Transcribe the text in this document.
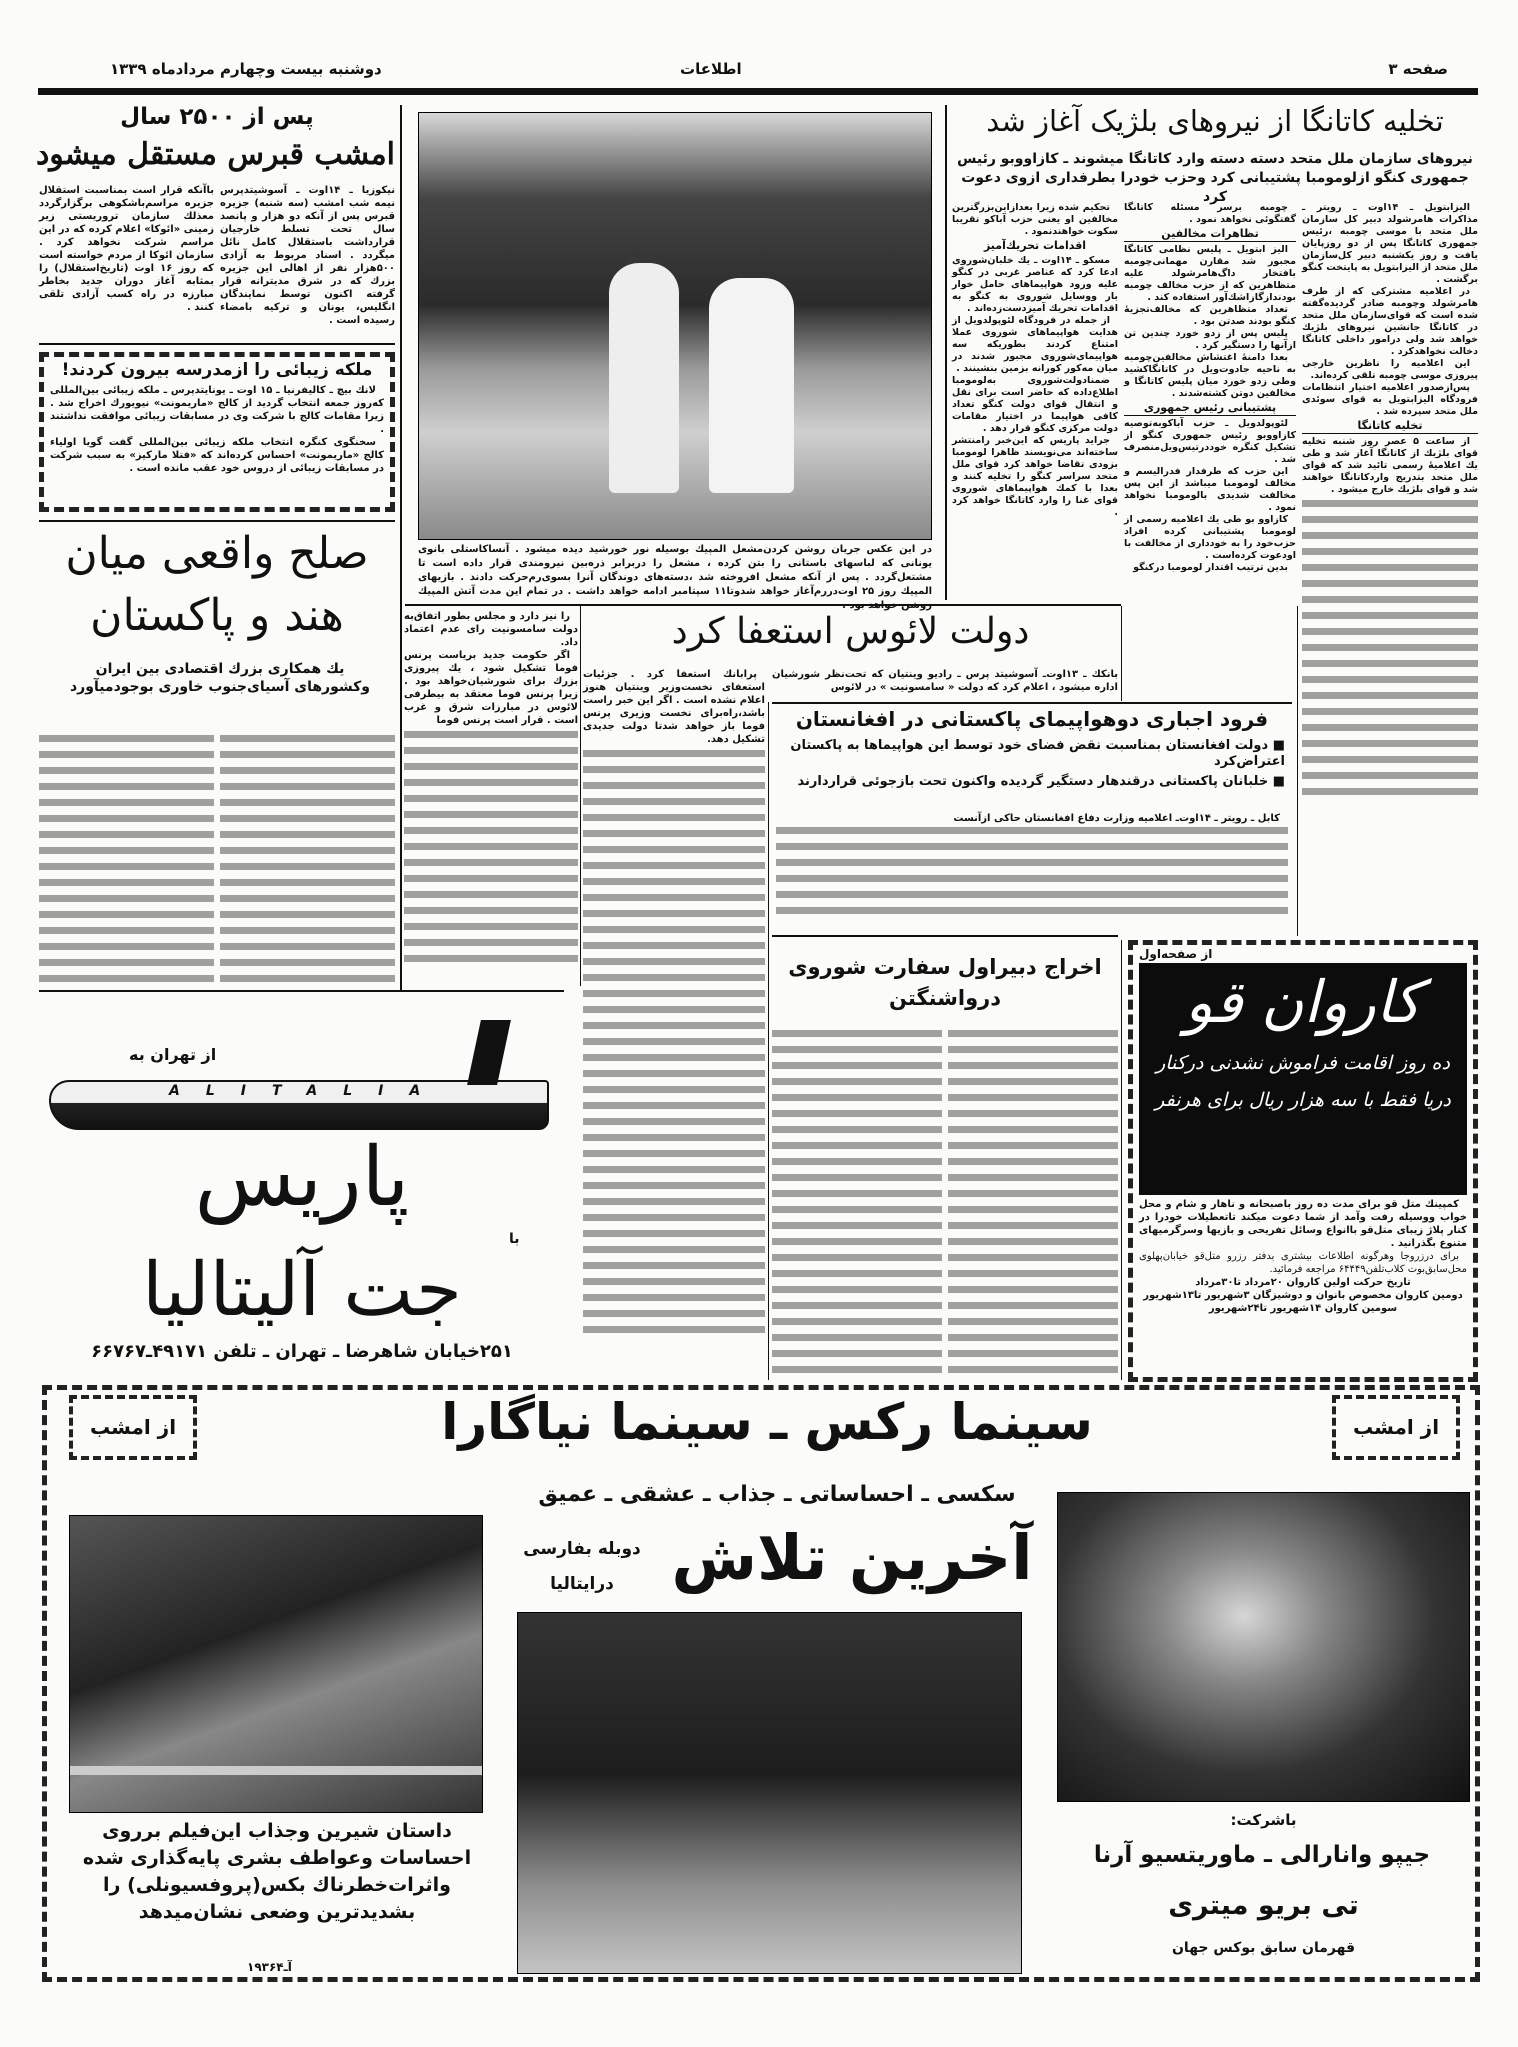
صفحه ۳
اطلاعات
دوشنبه بیست وچهارم مردادماه ۱۳۳۹
پس از ۲۵۰۰ سال
امشب قبرس مستقل میشود
نیکوزیا ـ ۱۴اوت ـ آسوشیتدپرس نیمه شب امشب (سه شنبه) جزیره قبرس پس از آنکه دو هزار و پانصد سال تحت تسلط خارجیان قرارداشت باستقلال کامل نائل میگردد . اسناد مربوط به آزادی ۵۰۰هزار نفر از اهالی این جزیره بزرك که در شرق مدیترانه قرار گرفته اکنون توسط نمایندگان انگلیس، یونان و ترکیه بامضاء رسیده است .
باآنکه قرار است بمناسبت استقلال جزیره مراسم‌باشکوهی برگزارگردد معذلك سازمان تروریستی زیر زمینی «ائوکا» اعلام کرده که در این مراسم شرکت نخواهد کرد . سازمان ائوکا از مردم خواسته است که روز ۱۶ اوت (تاریخ‌استقلال) را بمثابه آغاز دوران جدید بخاطر مبارزه در راه کسب آزادی تلقی کنند .
ملکه زیبائی را ازمدرسه بیرون کردند!

لانك بیچ ـ کالیفرنیا ـ ۱۵ اوت ـ یونایتدپرس ـ ملکه زیبائی بین‌المللی که‌روز جمعه انتخاب گردید از کالج «ماریمونت» نیویورك اخراج شد . زیرا مقامات کالج با شرکت وی در مسابقات زیبائی موافقت نداشتند .

سخنگوی کنگره انتخاب ملکه زیبائی بین‌المللی گفت گویا اولیاء کالج «ماریمونت» احساس کرده‌اند که «فتلا مارکیز» به سبب شرکت در مسابقات زیبائی از دروس خود عقب مانده است .

صلح واقعی میان
هند و پاکستان
یك همکاری بزرك اقتصادی بین ایران وکشورهای آسیای‌جنوب خاوری بوجودمیآورد
در این عکس جریان روشن کردن‌مشعل المپیك بوسیله نور خورشید دیده میشود . آنساکاستلی بانوی یونانی که لباسهای باستانی را بتن کرده ، مشعل را دربرابر ذره‌بین نیرومندی قرار داده است تا مشتعل‌گردد . پس از آنکه مشعل افروخته شد ،دسته‌های دوندگان آنرا بسوی‌رم‌حرکت دادند . بازیهای المپیك روز ۲۵ اوت‌دررم‌آغاز خواهد شدوتا۱۱ سپتامبر ادامه خواهد داشت . در تمام این مدت آتش المپیك
تخلیه کاتانگا از نیروهای بلژیک آغاز شد
نیروهای سازمان ملل متحد دسته دسته وارد کاتانگا میشوند ـ کازاووبو رئیس جمهوری کنگو ازلومومبا پشتیبانی کرد وحزب خودرا بطرفداری ازوی دعوت کرد

الیزابتویل ـ ۱۴اوت ـ رویتر ـ مذاکرات هامرشولد دبیر کل سازمان ملل متحد با موسی چومبه ،رئیس جمهوری کاتانگا پس از دو روزپایان یافت و روز یکشنبه دبیر کل‌سازمان ملل متحد از الیزابتویل به پایتخت کنگو برگشت .

در اعلامیه مشترکی که از طرف هامرشولد وچومبه صادر گردیده‌گفته شده است که قوای‌سازمان ملل متحد در کاتانگا جانشین نیروهای بلژیك خواهد شد ولی درامور داخلی کاتانگا دخالت نخواهدکرد .

این اعلامیه را ناظرین خارجی پیروزی موسی چومبه تلقی کرده‌اند.

پس‌ازصدور اعلامیه اختیار انتظامات فرودگاه الیزابتویل به قوای سوئدی ملل متحد سپرده شد .

تخلیه کاتانگا

از ساعت ۵ عصر روز شنبه تخلیه قوای بلژیك از کاتانگا آغاز شد و طی یك اعلامیهٔ رسمی تائید شد که قوای ملل متحد بتدریج واردکاتانگا خواهند شد و قوای بلژیك خارج میشود .

چومبه برسر مسئله کاتانگا گفتگوئی نخواهد نمود .

تظاهرات مخالفین

الیز ابتویل ـ پلیس نظامی کاتانگا مجبور شد مقارن مهمانی‌چومبه بافتخار داگ‌هامرشولد علیه متظاهرین که از حزب مخالف چومبه بودندازگاز‌اشك‌آور استفاده کند .

تعداد متظاهرین که مخالف‌تجزیهٔ کنگو بودند صدتن بود .

پلیس پس از زدو خورد چندین تن ازآنها را دستگیر کرد .

بعدا دامنهٔ اغتشاش مخالفین‌چومبه به ناحیه جادوت‌ویل در کاتانگاکشید وطی زدو خورد میان پلیس کاتانگا و مخالفین دوتن کشته‌شدند .

پشتیبانی رئیس جمهوری

لئوپولدویل ـ حزب آباکوبه‌توصیه کازاووبو رئیس جمهوری کنگو از تشکیل کنگره خوددرتیس‌ویل‌منصرف شد .

این حزب که طرفدار فدرالیسم و مخالف لومومبا میباشد از این پس مخالفت شدیدی بالومومبا نخواهد نمود .

کازاوو بو طی یك اعلامیه رسمی از لومومبا پشتیبانی کرده افراد حزب‌خود را به خودداری از مخالفت با اودعوت کرده‌است .

بدین ترتیب اقتدار لومومبا درکنگو

تحکیم شده زیرا بعدازاین‌بزرگترین مخالفین او یعنی حزب آباکو تقریبا سکوت خواهندنمود .

اقدامات تحریك‌آمیز

مسکو ـ ۱۴اوت ـ یك خلبان‌شوروی ادعا کرد که عناصر غربی در کنگو علیه ورود هواپیماهای حامل خوار بار ووسایل شوروی به کنگو به اقدامات تحریك آمیزدست‌زده‌اند .

از جمله در فرودگاه لئوپولدویل از هدایت هواپیماهای شوروی عملا امتناع کردند بطوریکه سه هواپیمای‌شوروی مجبور شدند در میان مه‌کور کورانه بزمین بنشینند .

ضمنادولت‌شوروی به‌لومومبا اطلاع‌داده که حاضر است برای نقل و انتقال قوای دولت کنگو تعداد کافی هواپیما در اختیار مقامات دولت مرکزی کنگو قرار دهد .

جراید پاریس که این‌خبر رامنتشر ساخته‌اند می‌نویسند ظاهرا لومومبا بزودی تقاضا خواهد کرد قوای ملل متحد سراسر کنگو را تخلیه کنند و بعدا با کمك هواپیماهای شوروی قوای غنا را وارد کاتانگا خواهد کرد .

دولت لائوس استعفا کرد
بانکك ـ ۱۳اوت‌ـ آسوشیتد پرس ـ رادیو وینتیان که تحت‌نظر شورشیان اداره میشود ، اعلام کرد که دولت « سامسونیت » در لائوس

پرابانك استعفا کرد . جزئیات استعفای نخست‌وزیر وینتیان هنوز اعلام نشده است . اگر این خبر راست باشد،راه‌برای نخست وزیری پرنس فوما باز خواهد شدتا دولت جدیدی تشکیل دهد.

را نیز دارد و مجلس بطور اتفاق‌به دولت سامسونیت رای عدم اعتماد داد.

اگر حکومت جدید بریاست پرنس فوما تشکیل شود ، یك پیروزی بزرك برای شورشیان‌خواهد بود . زیرا پرنس فوما معتقد به بیطرفی لائوس در مبارزات شرق و غرب است . قرار است پرنس فوما	فرود اجباری دوهواپیمای پاکستانی در افغانستان
■ دولت افغانستان بمناسبت نقض فضای خود توسط این هواپیماها به پاکستان اعتراض‌کرد
■ خلبانان پاکستانی درقندهار دستگیر گردیده واکنون تحت بازجوئی قراردارند

کابل ـ رویتر ـ ۱۴اوت‌ـ اعلامیه وزارت دفاع افغانستان حاکی ازآنست

اخراج دبیراول سفارت شوروی
درواشنگتن
از صفحه‌اول
کاروان قو
ده روز اقامت فراموش نشدنی درکنار
دریا فقط با سه هزار ریال برای هرنفر

کمپینك متل قو برای مدت ده روز باصبحانه و ناهار و شام و محل خواب ووسیله رفت وآمد از شما دعوت میکند تاتعطیلات خودرا در کنار پلاژ زیبای متل‌قو باانواع وسائل تفریحی و بازیها وسرگرمیهای متنوع بگذرانید .

برای درزروجا وهرگونه اطلاعات بیشتری بدفتر رزرو متل‌قو خیابان‌پهلوی محل‌سابق‌بوت کلاب‌تلفن۶۴۴۴۹ مراجعه فرمائید.

تاریخ حرکت اولین کاروان ۲۰مرداد تا۳۰مرداد
دومین کاروان مخصوص بانوان و دوشیزگان ۳شهریور تا۱۳شهریور
سومین کاروان ۱۴شهریور تا۲۴شهریور
از تهران به
ALITALIA
پاریس
با
جت آلیتالیا
۲۵۱خیابان شاهرضا ـ تهران ـ تلفن ۴۹۱۷۱ـ۶۶۷۶۷
از امشب	از امشب
سینما رکس ـ سینما نیاگارا
سکسی ـ احساساتی ـ جذاب ـ عشقی ـ عمیق
آخرین تلاش
دوبله بفارسی
درایتالیا
داستان شیرین وجذاب این‌فیلم برروی احساسات وعواطف بشری پایه‌گذاری شده واثرات‌خطرناك بکس(پروفسیونلی) را بشدیدترین وضعی نشان‌میدهد
آـ۱۹۳۶۴
باشرکت:
جیپو وانارالی ـ ماوریتسیو آرنا
تی بریو میتری
قهرمان سابق بوکس جهان
